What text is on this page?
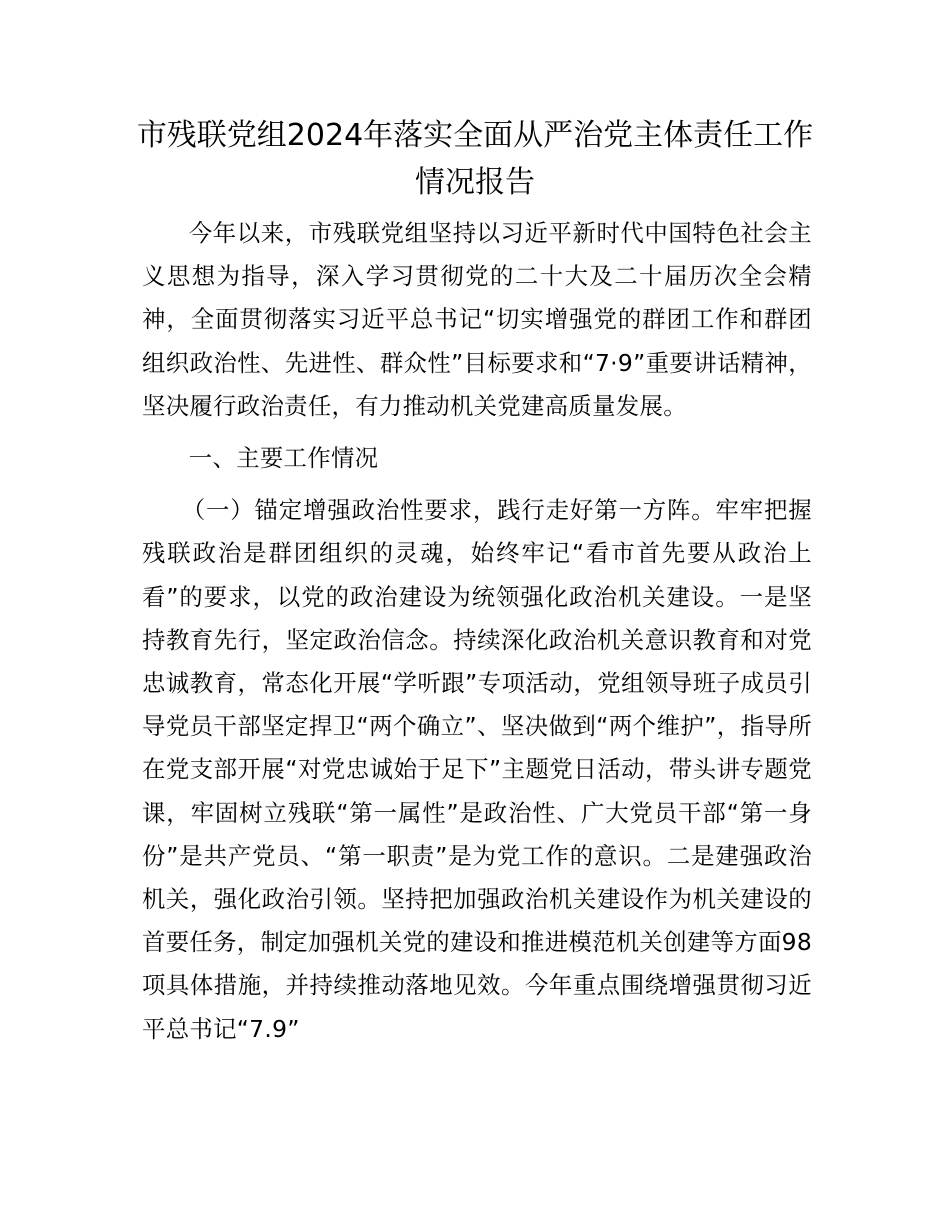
市残联党组2024年落实全面从严治党主体责任工作情况报告

今年以来，市残联党组坚持以习近平新时代中国特色社会主义思想为指导，深入学习贯彻党的二十大及二十届历次全会精神，全面贯彻落实习近平总书记“切实增强党的群团工作和群团组织政治性、先进性、群众性”目标要求和“7·9”重要讲话精神，坚决履行政治责任，有力推动机关党建高质量发展。

一、主要工作情况

（一）锚定增强政治性要求，践行走好第一方阵。牢牢把握残联政治是群团组织的灵魂，始终牢记“看市首先要从政治上看”的要求，以党的政治建设为统领强化政治机关建设。一是坚持教育先行，坚定政治信念。持续深化政治机关意识教育和对党忠诚教育，常态化开展“学听跟”专项活动，党组领导班子成员引导党员干部坚定捍卫“两个确立”、坚决做到“两个维护”，指导所在党支部开展“对党忠诚始于足下”主题党日活动，带头讲专题党课，牢固树立残联“第一属性”是政治性、广大党员干部“第一身份”是共产党员、“第一职责”是为党工作的意识。二是建强政治机关，强化政治引领。坚持把加强政治机关建设作为机关建设的首要任务，制定加强机关党的建设和推进模范机关创建等方面98项具体措施，并持续推动落地见效。今年重点围绕增强贯彻习近平总书记“7.9”
